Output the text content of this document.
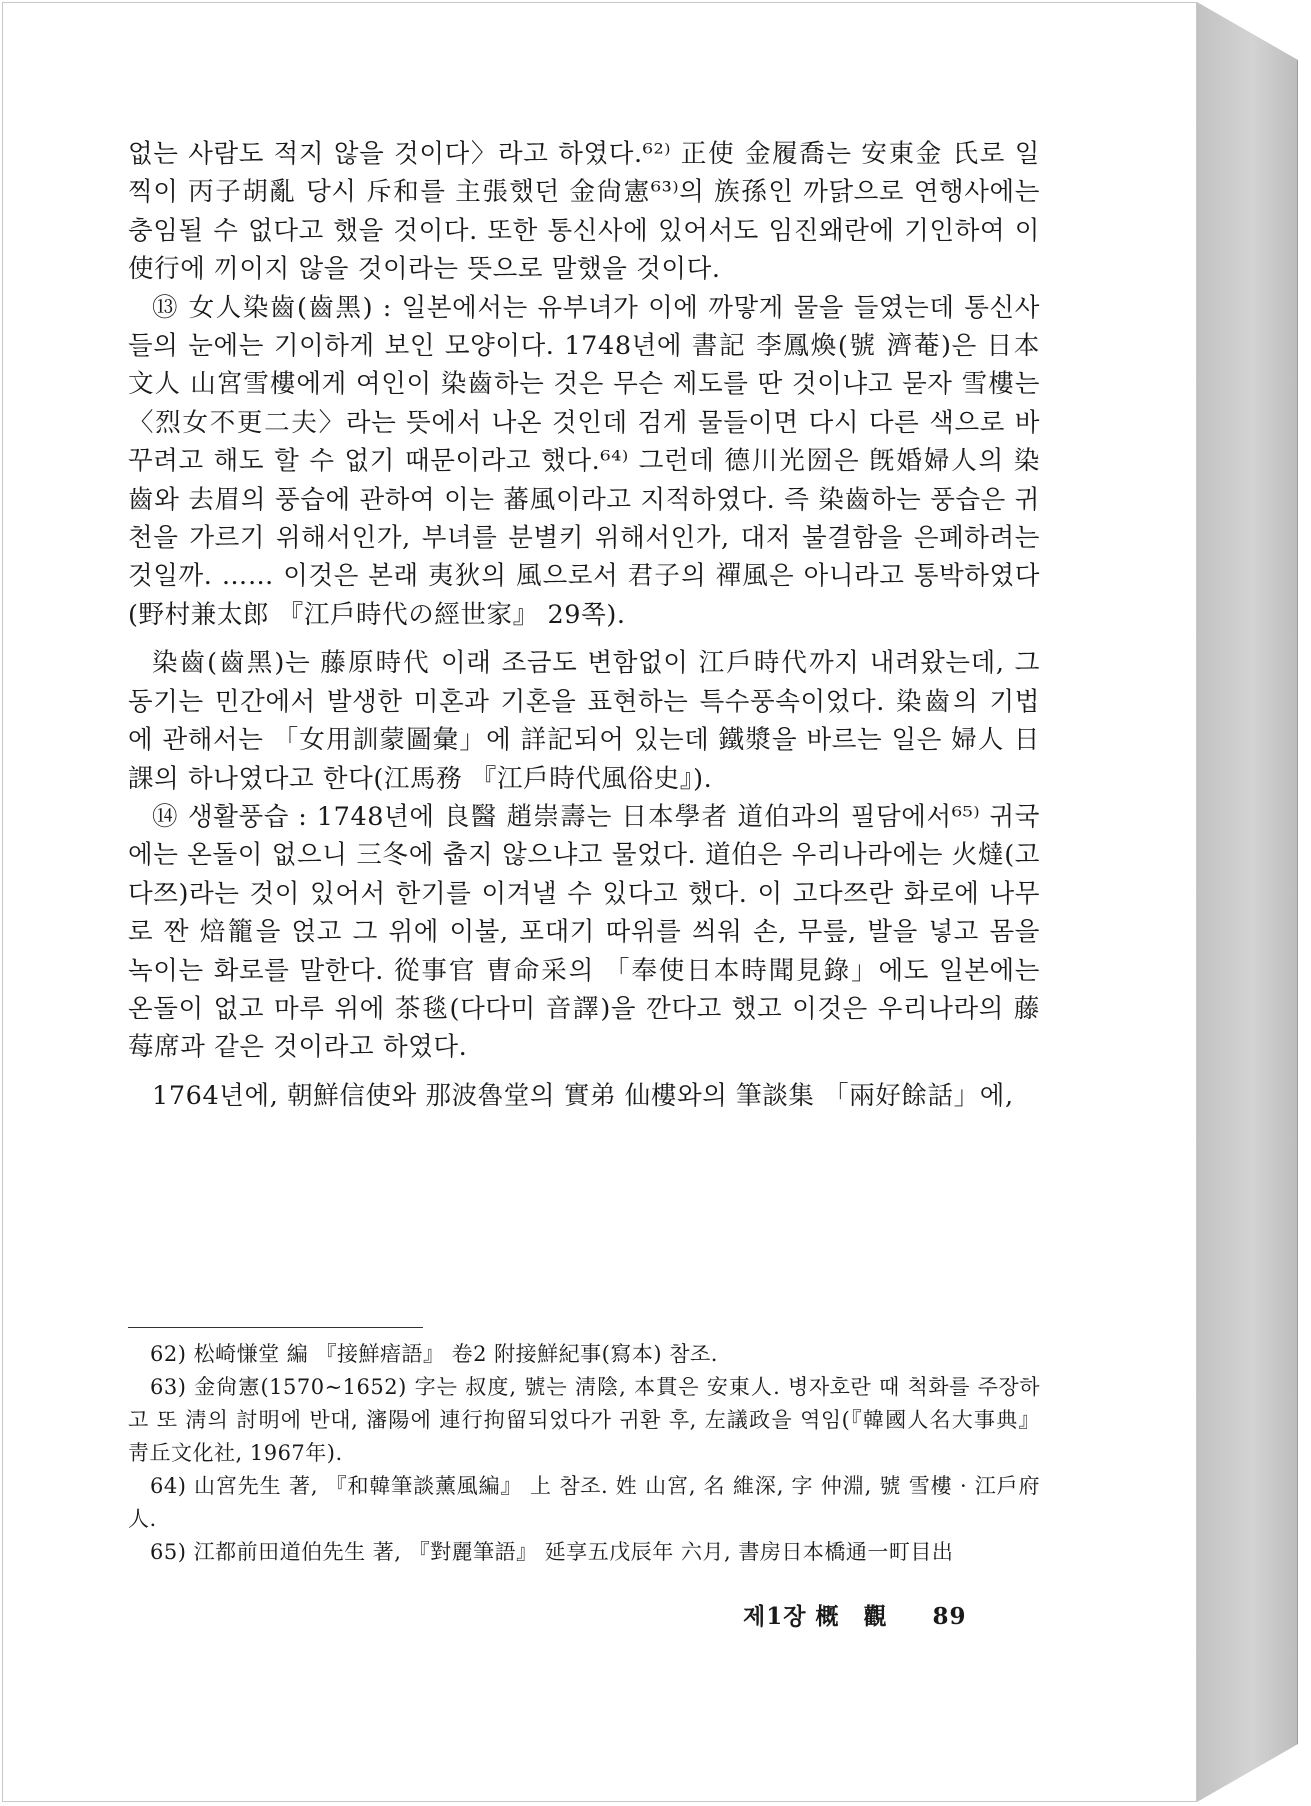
없는 사람도 적지 않을 것이다〉라고 하였다.⁶²⁾ 正使 金履喬는 安東金 氏로 일찍이 丙子胡亂 당시 斥和를 主張했던 金尙憲⁶³⁾의 族孫인 까닭으로 연행사에는 충임될 수 없다고 했을 것이다. 또한 통신사에 있어서도 임진왜란에 기인하여 이 使行에 끼이지 않을 것이라는 뜻으로 말했을 것이다.

⑬ 女人染齒(齒黑) : 일본에서는 유부녀가 이에 까맣게 물을 들였는데 통신사들의 눈에는 기이하게 보인 모양이다. 1748년에 書記 李鳳煥(號 濟菴)은 日本文人 山宮雪樓에게 여인이 染齒하는 것은 무슨 제도를 딴 것이냐고 묻자 雪樓는 〈烈女不更二夫〉라는 뜻에서 나온 것인데 검게 물들이면 다시 다른 색으로 바꾸려고 해도 할 수 없기 때문이라고 했다.⁶⁴⁾ 그런데 德川光圀은 旣婚婦人의 染齒와 去眉의 풍습에 관하여 이는 蕃風이라고 지적하였다. 즉 染齒하는 풍습은 귀천을 가르기 위해서인가, 부녀를 분별키 위해서인가, 대저 불결함을 은폐하려는 것일까. …… 이것은 본래 夷狄의 風으로서 君子의 禪風은 아니라고 통박하였다(野村兼太郎 『江戶時代の經世家』 29쪽).

染齒(齒黑)는 藤原時代 이래 조금도 변함없이 江戶時代까지 내려왔는데, 그 동기는 민간에서 발생한 미혼과 기혼을 표현하는 특수풍속이었다. 染齒의 기법에 관해서는 「女用訓蒙圖彙」에 詳記되어 있는데 鐵漿을 바르는 일은 婦人 日課의 하나였다고 한다(江馬務 『江戶時代風俗史』).

⑭ 생활풍습 : 1748년에 良醫 趙崇壽는 日本學者 道伯과의 필담에서⁶⁵⁾ 귀국에는 온돌이 없으니 三冬에 춥지 않으냐고 물었다. 道伯은 우리나라에는 火燵(고다쯔)라는 것이 있어서 한기를 이겨낼 수 있다고 했다. 이 고다쯔란 화로에 나무로 짠 焙籠을 얹고 그 위에 이불, 포대기 따위를 씌워 손, 무릎, 발을 넣고 몸을 녹이는 화로를 말한다. 從事官 曺命采의 「奉使日本時聞見錄」에도 일본에는 온돌이 없고 마루 위에 茶毯(다다미 音譯)을 깐다고 했고 이것은 우리나라의 藤莓席과 같은 것이라고 하였다.

1764년에, 朝鮮信使와 那波魯堂의 實弟 仙樓와의 筆談集 「兩好餘話」에,

62) 松崎慊堂 編 『接鮮瘖語』 卷2 附接鮮紀事(寫本) 참조.

63) 金尙憲(1570∼1652) 字는 叔度, 號는 淸陰, 本貫은 安東人. 병자호란 때 척화를 주장하고 또 淸의 討明에 반대, 瀋陽에 連行拘留되었다가 귀환 후, 左議政을 역임(『韓國人名大事典』 靑丘文化社, 1967年).

64) 山宮先生 著, 『和韓筆談薰風編』 上 참조. 姓 山宮, 名 維深, 字 仲淵, 號 雪樓 · 江戶府人.

65) 江都前田道伯先生 著, 『對麗筆語』 延享五戊辰年 六月, 書房日本橋通一町目出

제1장 概　觀 89
